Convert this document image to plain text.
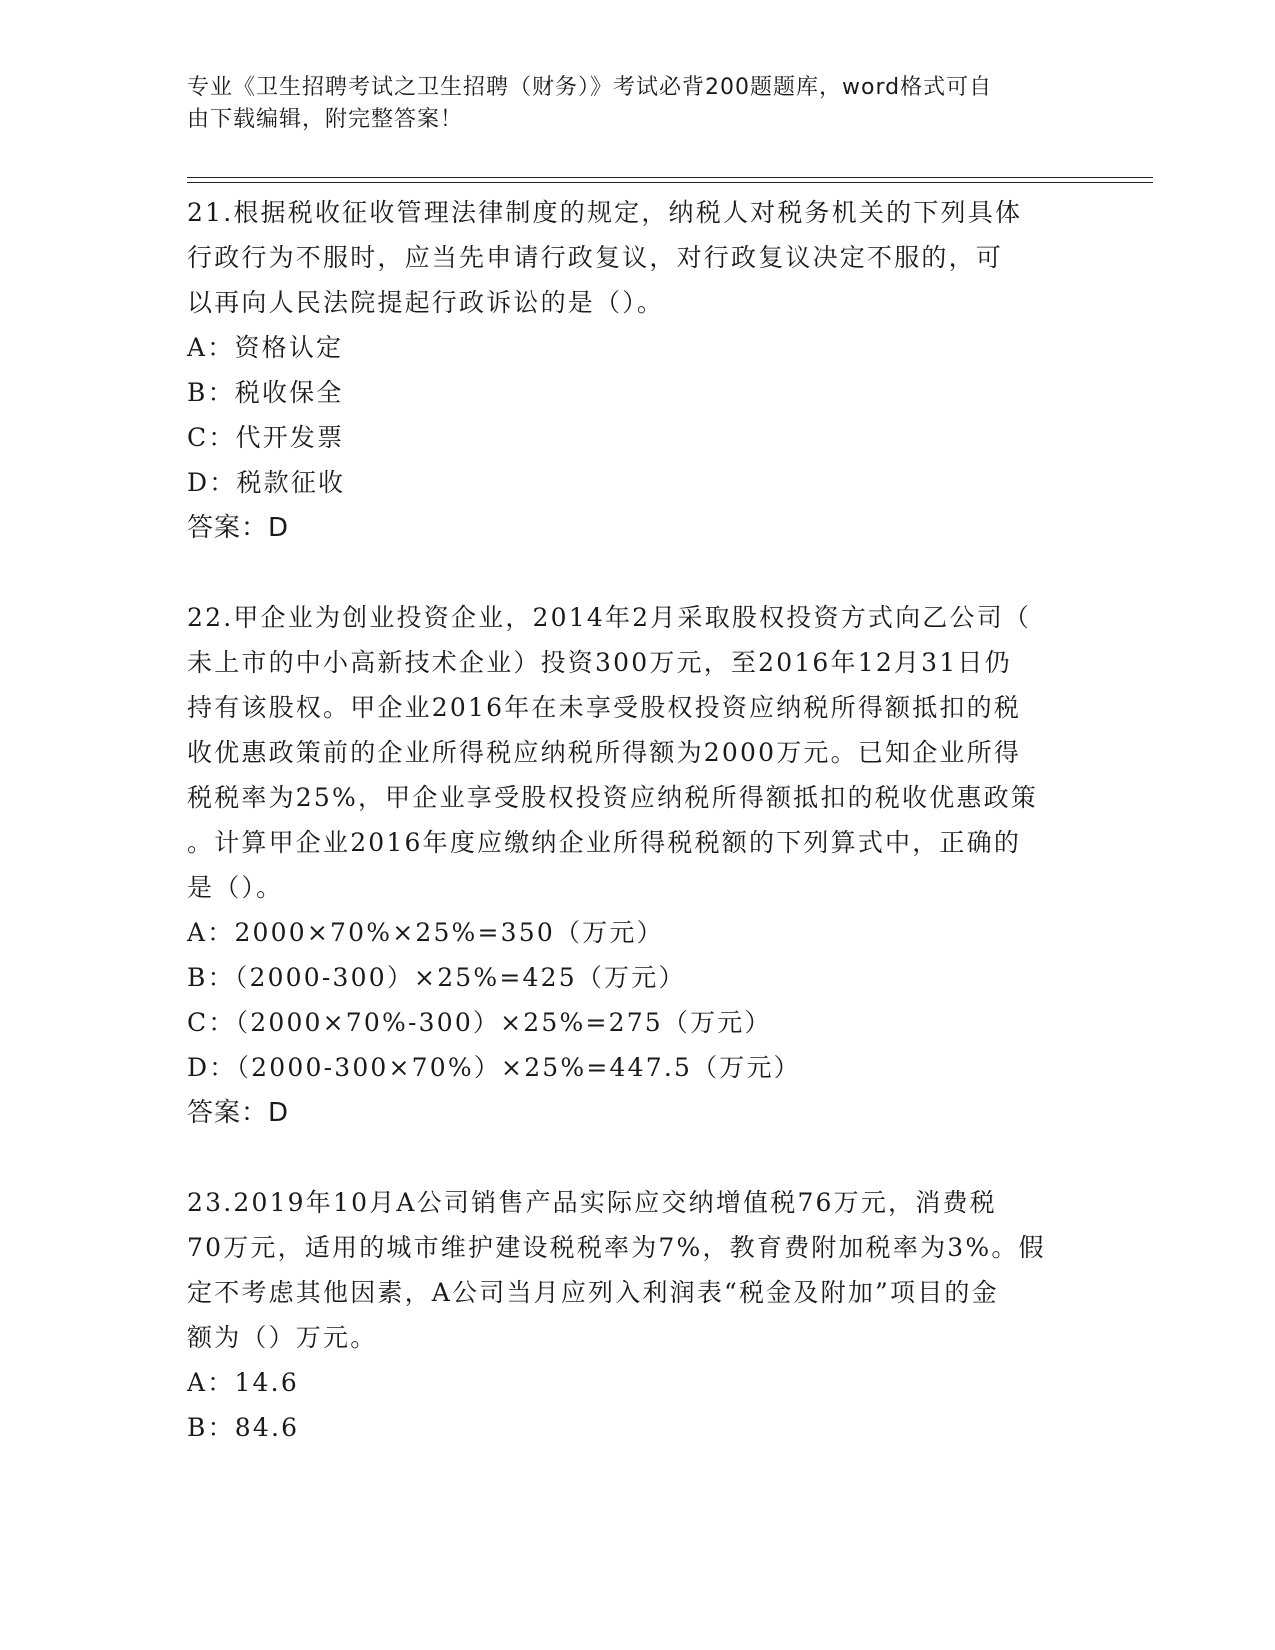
专业《卫生招聘考试之卫生招聘（财务）》考试必背200题题库，word格式可自
由下载编辑，附完整答案！

21.根据税收征收管理法律制度的规定，纳税人对税务机关的下列具体

行政行为不服时，应当先申请行政复议，对行政复议决定不服的，可

以再向人民法院提起行政诉讼的是（）。

A：资格认定

B：税收保全

C：代开发票

D：税款征收

答案：D

22.甲企业为创业投资企业，2014年2月采取股权投资方式向乙公司（

未上市的中小高新技术企业）投资300万元，至2016年12月31日仍

持有该股权。甲企业2016年在未享受股权投资应纳税所得额抵扣的税

收优惠政策前的企业所得税应纳税所得额为2000万元。已知企业所得

税税率为25%，甲企业享受股权投资应纳税所得额抵扣的税收优惠政策

。计算甲企业2016年度应缴纳企业所得税税额的下列算式中，正确的

是（）。

A：2000×70%×25%=350（万元）

B：（2000-300）×25%=425（万元）

C：（2000×70%-300）×25%=275（万元）

D：（2000-300×70%）×25%=447.5（万元）

答案：D

23.2019年10月A公司销售产品实际应交纳增值税76万元，消费税

70万元，适用的城市维护建设税税率为7%，教育费附加税率为3%。假

定不考虑其他因素，A公司当月应列入利润表“税金及附加”项目的金

额为（）万元。

A：14.6

B：84.6
